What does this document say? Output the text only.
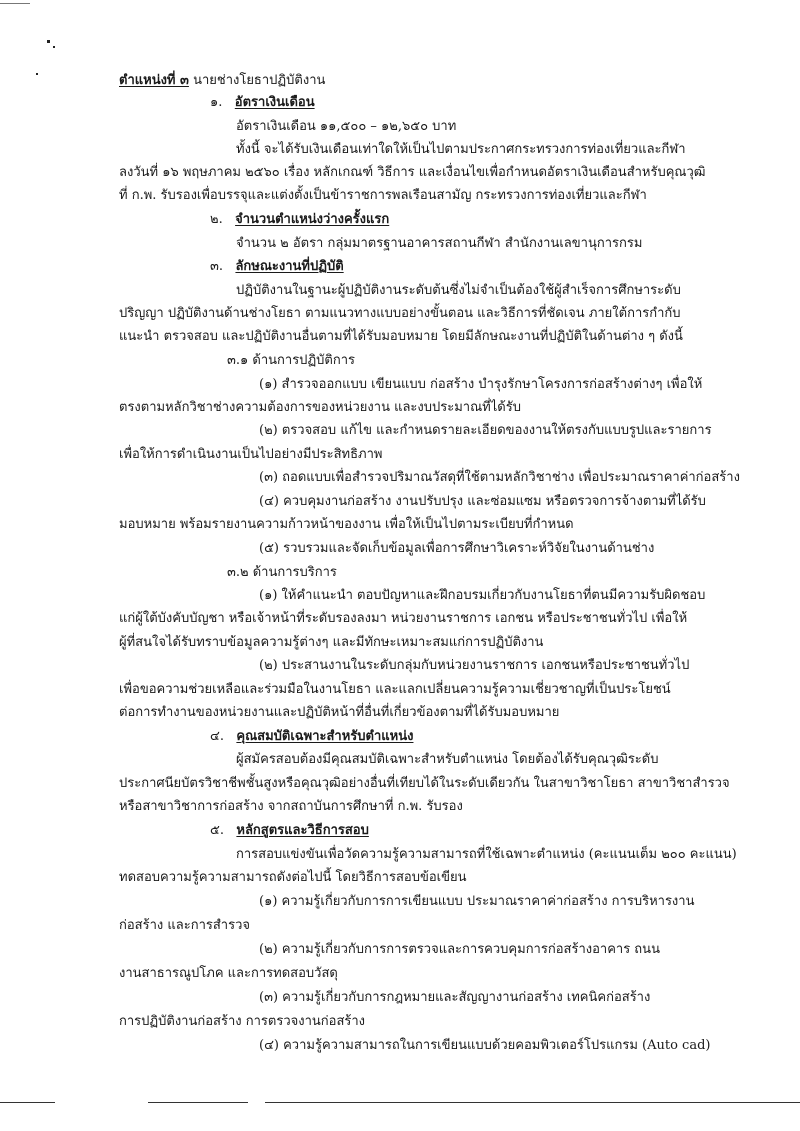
ตำแหน่งที่ ๓ นายช่างโยธาปฏิบัติงาน
๑. อัตราเงินเดือน
อัตราเงินเดือน ๑๑,๕๐๐ – ๑๒,๖๕๐ บาท
ทั้งนี้ จะได้รับเงินเดือนเท่าใดให้เป็นไปตามประกาศกระทรวงการท่องเที่ยวและกีฬา
ลงวันที่ ๑๖ พฤษภาคม ๒๕๖๐ เรื่อง หลักเกณฑ์ วิธีการ และเงื่อนไขเพื่อกำหนดอัตราเงินเดือนสำหรับคุณวุฒิ
ที่ ก.พ. รับรองเพื่อบรรจุและแต่งตั้งเป็นข้าราชการพลเรือนสามัญ กระทรวงการท่องเที่ยวและกีฬา
๒. จำนวนตำแหน่งว่างครั้งแรก
จำนวน ๒ อัตรา กลุ่มมาตรฐานอาคารสถานกีฬา สำนักงานเลขานุการกรม
๓. ลักษณะงานที่ปฏิบัติ
ปฏิบัติงานในฐานะผู้ปฏิบัติงานระดับต้นซึ่งไม่จำเป็นต้องใช้ผู้สำเร็จการศึกษาระดับ
ปริญญา ปฏิบัติงานด้านช่างโยธา ตามแนวทางแบบอย่างขั้นตอน และวิธีการที่ชัดเจน ภายใต้การกำกับ
แนะนำ ตรวจสอบ และปฏิบัติงานอื่นตามที่ได้รับมอบหมาย โดยมีลักษณะงานที่ปฏิบัติในด้านต่าง ๆ ดังนี้
๓.๑ ด้านการปฏิบัติการ
(๑) สำรวจออกแบบ เขียนแบบ ก่อสร้าง บำรุงรักษาโครงการก่อสร้างต่างๆ เพื่อให้
ตรงตามหลักวิชาช่างความต้องการของหน่วยงาน และงบประมาณที่ได้รับ
(๒) ตรวจสอบ แก้ไข และกำหนดรายละเอียดของงานให้ตรงกับแบบรูปและรายการ
เพื่อให้การดำเนินงานเป็นไปอย่างมีประสิทธิภาพ
(๓) ถอดแบบเพื่อสำรวจปริมาณวัสดุที่ใช้ตามหลักวิชาช่าง เพื่อประมาณราคาค่าก่อสร้าง
(๔) ควบคุมงานก่อสร้าง งานปรับปรุง และซ่อมแซม หรือตรวจการจ้างตามที่ได้รับ
มอบหมาย พร้อมรายงานความก้าวหน้าของงาน เพื่อให้เป็นไปตามระเบียบที่กำหนด
(๕) รวบรวมและจัดเก็บข้อมูลเพื่อการศึกษาวิเคราะห์วิจัยในงานด้านช่าง
๓.๒ ด้านการบริการ
(๑) ให้คำแนะนำ ตอบปัญหาและฝึกอบรมเกี่ยวกับงานโยธาที่ตนมีความรับผิดชอบ
แก่ผู้ใต้บังคับบัญชา หรือเจ้าหน้าที่ระดับรองลงมา หน่วยงานราชการ เอกชน หรือประชาชนทั่วไป เพื่อให้
ผู้ที่สนใจได้รับทราบข้อมูลความรู้ต่างๆ และมีทักษะเหมาะสมแก่การปฏิบัติงาน
(๒) ประสานงานในระดับกลุ่มกับหน่วยงานราชการ เอกชนหรือประชาชนทั่วไป
เพื่อขอความช่วยเหลือและร่วมมือในงานโยธา และแลกเปลี่ยนความรู้ความเชี่ยวชาญที่เป็นประโยชน์
ต่อการทำงานของหน่วยงานและปฏิบัติหน้าที่อื่นที่เกี่ยวข้องตามที่ได้รับมอบหมาย
๔. คุณสมบัติเฉพาะสำหรับตำแหน่ง
ผู้สมัครสอบต้องมีคุณสมบัติเฉพาะสำหรับตำแหน่ง โดยต้องได้รับคุณวุฒิระดับ
ประกาศนียบัตรวิชาชีพชั้นสูงหรือคุณวุฒิอย่างอื่นที่เทียบได้ในระดับเดียวกัน ในสาขาวิชาโยธา สาขาวิชาสำรวจ
หรือสาขาวิชาการก่อสร้าง จากสถาบันการศึกษาที่ ก.พ. รับรอง
๕. หลักสูตรและวิธีการสอบ
การสอบแข่งขันเพื่อวัดความรู้ความสามารถที่ใช้เฉพาะตำแหน่ง (คะแนนเต็ม ๒๐๐ คะแนน)
ทดสอบความรู้ความสามารถดังต่อไปนี้ โดยวิธีการสอบข้อเขียน
(๑) ความรู้เกี่ยวกับการการเขียนแบบ ประมาณราคาค่าก่อสร้าง การบริหารงาน
ก่อสร้าง และการสำรวจ
(๒) ความรู้เกี่ยวกับการการตรวจและการควบคุมการก่อสร้างอาคาร ถนน
งานสาธารณูปโภค และการทดสอบวัสดุ
(๓) ความรู้เกี่ยวกับการกฎหมายและสัญญางานก่อสร้าง เทคนิคก่อสร้าง
การปฏิบัติงานก่อสร้าง การตรวจงานก่อสร้าง
(๔) ความรู้ความสามารถในการเขียนแบบด้วยคอมพิวเตอร์โปรแกรม (Auto cad)
